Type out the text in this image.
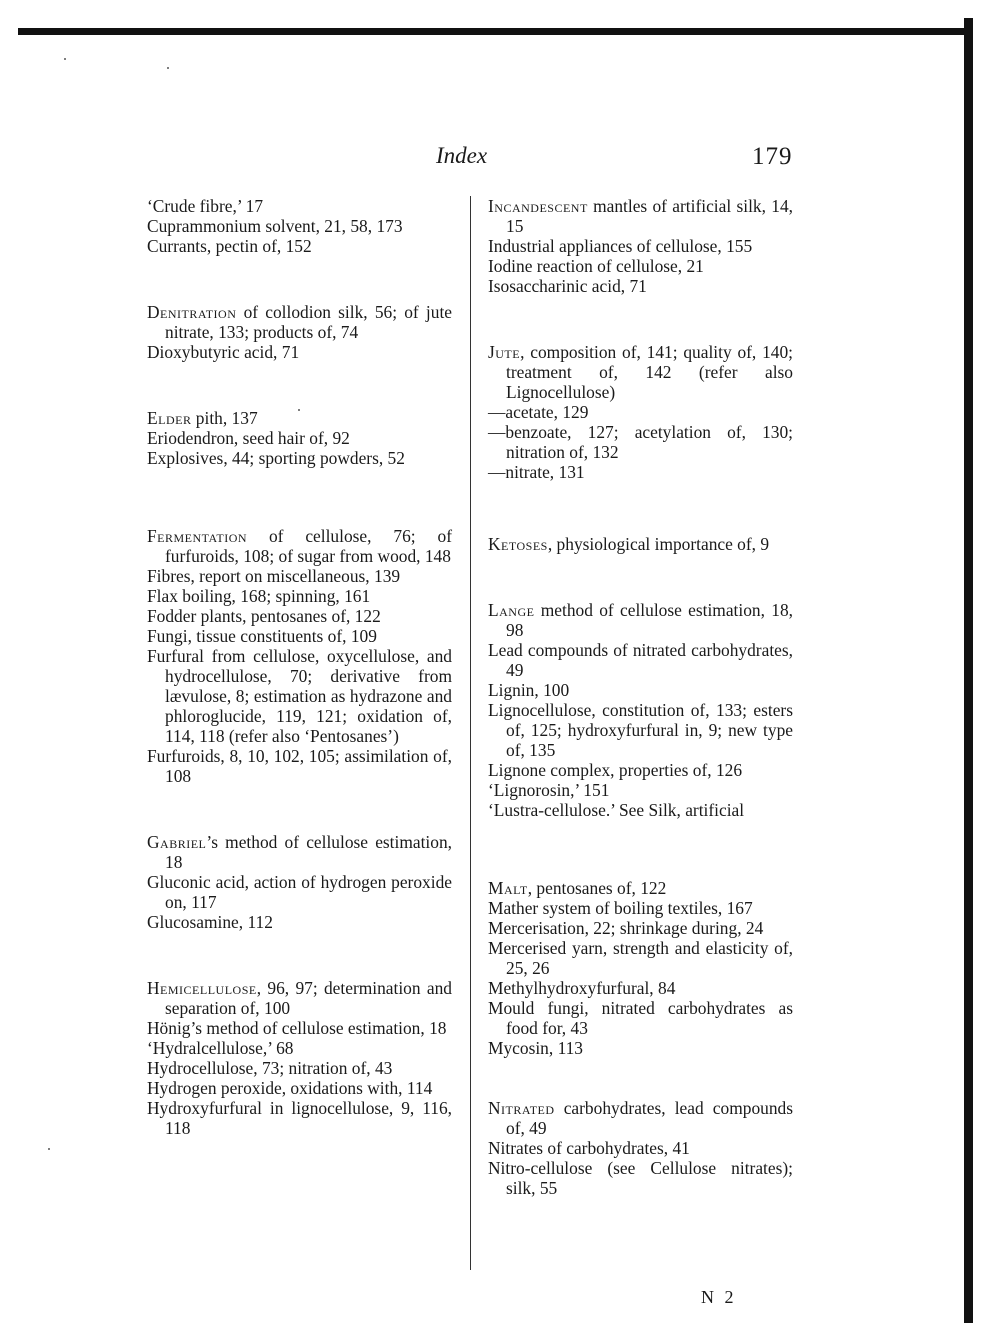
Index	179

‘Crude fibre,’ 17

Cuprammonium solvent, 21, 58, 173

Currants, pectin of, 152

Denitration of collodion silk, 56; of jute nitrate, 133; products of, 74

Dioxybutyric acid, 71

Elder pith, 137

Eriodendron, seed hair of, 92

Explosives, 44; sporting powders, 52

Fermentation of cellulose, 76; of furfuroids, 108; of sugar from wood, 148

Fibres, report on miscellaneous, 139

Flax boiling, 168; spinning, 161

Fodder plants, pentosanes of, 122

Fungi, tissue constituents of, 109

Furfural from cellulose, oxycellulose, and hydrocellulose, 70; derivative from lævulose, 8; estimation as hydrazone and phloroglucide, 119, 121; oxidation of, 114, 118 (refer also ‘Pentosanes’)

Furfuroids, 8, 10, 102, 105; assimilation of, 108

Gabriel’s method of cellulose estimation, 18

Gluconic acid, action of hydrogen peroxide on, 117

Glucosamine, 112

Hemicellulose, 96, 97; determination and separation of, 100

Hönig’s method of cellulose estimation, 18

‘Hydralcellulose,’ 68

Hydrocellulose, 73; nitration of, 43

Hydrogen peroxide, oxidations with, 114

Hydroxyfurfural in lignocellulose, 9, 116, 118

Incandescent mantles of artificial silk, 14, 15

Industrial appliances of cellulose, 155

Iodine reaction of cellulose, 21

Isosaccharinic acid, 71

Jute, composition of, 141; quality of, 140; treatment of, 142 (refer also Lignocellulose)

—acetate, 129

—benzoate, 127; acetylation of, 130; nitration of, 132

—nitrate, 131

Ketoses, physiological importance of, 9

Lange method of cellulose estimation, 18, 98

Lead compounds of nitrated carbohydrates, 49

Lignin, 100

Lignocellulose, constitution of, 133; esters of, 125; hydroxyfurfural in, 9; new type of, 135

Lignone complex, properties of, 126

‘Lignorosin,’ 151

‘Lustra-cellulose.’ See Silk, artificial

Malt, pentosanes of, 122

Mather system of boiling textiles, 167

Mercerisation, 22; shrinkage during, 24

Mercerised yarn, strength and elasticity of, 25, 26

Methylhydroxyfurfural, 84

Mould fungi, nitrated carbohydrates as food for, 43

Mycosin, 113

Nitrated carbohydrates, lead compounds of, 49

Nitrates of carbohydrates, 41

Nitro-cellulose (see Cellulose nitrates); silk, 55

N 2
